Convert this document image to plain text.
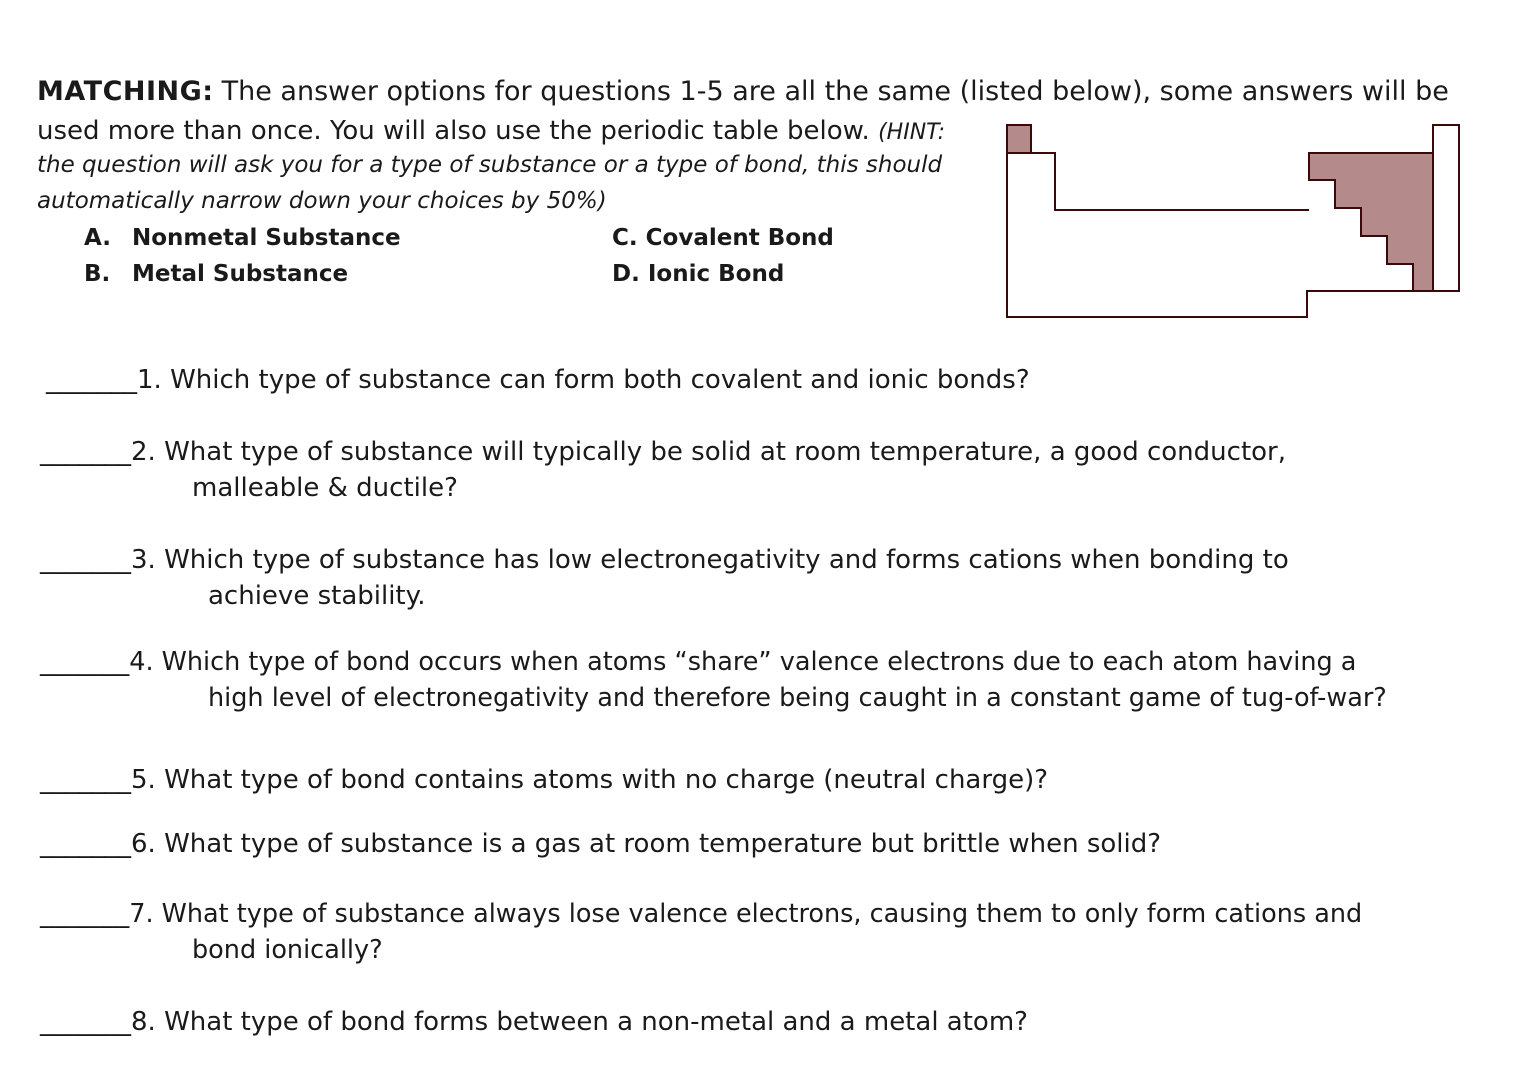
MATCHING: The answer options for questions 1-5 are all the same (listed below), some answers will be
used more than once. You will also use the periodic table below. (HINT:
the question will ask you for a type of substance or a type of bond, this should
automatically narrow down your choices by 50%)
A. Nonmetal Substance
B. Metal Substance
C. Covalent Bond
D. Ionic Bond
_______1. Which type of substance can form both covalent and ionic bonds?
_______2. What type of substance will typically be solid at room temperature, a good conductor,
malleable & ductile?
_______3. Which type of substance has low electronegativity and forms cations when bonding to
achieve stability.
_______4. Which type of bond occurs when atoms “share” valence electrons due to each atom having a
high level of electronegativity and therefore being caught in a constant game of tug-of-war?
_______5. What type of bond contains atoms with no charge (neutral charge)?
_______6. What type of substance is a gas at room temperature but brittle when solid?
_______7. What type of substance always lose valence electrons, causing them to only form cations and
bond ionically?
_______8. What type of bond forms between a non-metal and a metal atom?
